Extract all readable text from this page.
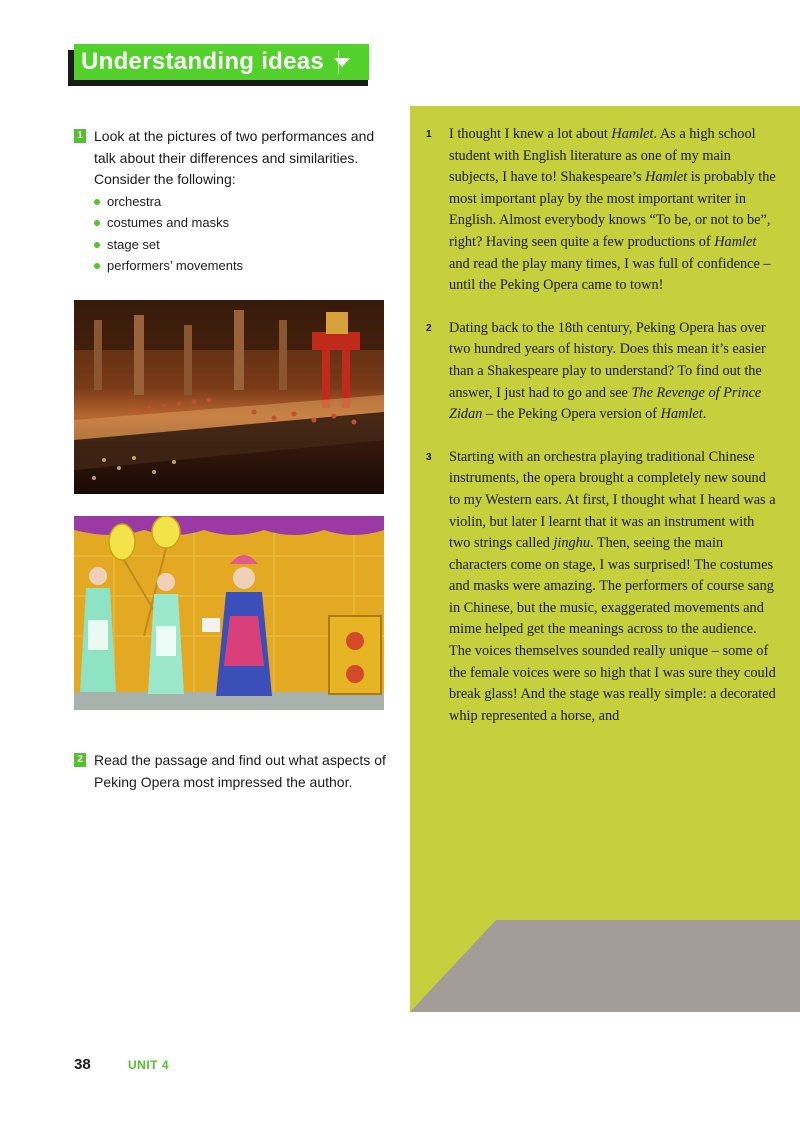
Understanding ideas
1 Look at the pictures of two performances and talk about their differences and similarities. Consider the following:
orchestra
costumes and masks
stage set
performers’ movements
2 Read the passage and find out what aspects of Peking Opera most impressed the author.
1 I thought I knew a lot about Hamlet. As a high school student with English literature as one of my main subjects, I have to! Shakespeare’s Hamlet is probably the most important play by the most important writer in English. Almost everybody knows “To be, or not to be”, right? Having seen quite a few productions of Hamlet and read the play many times, I was full of confidence – until the Peking Opera came to town!
2 Dating back to the 18th century, Peking Opera has over two hundred years of history. Does this mean it’s easier than a Shakespeare play to understand? To find out the answer, I just had to go and see The Revenge of Prince Zidan – the Peking Opera version of Hamlet.
3 Starting with an orchestra playing traditional Chinese instruments, the opera brought a completely new sound to my Western ears. At first, I thought what I heard was a violin, but later I learnt that it was an instrument with two strings called jinghu. Then, seeing the main characters come on stage, I was surprised! The costumes and masks were amazing. The performers of course sang in Chinese, but the music, exaggerated movements and mime helped get the meanings across to the audience. The voices themselves sounded really unique – some of the female voices were so high that I was sure they could break glass! And the stage was really simple: a decorated whip represented a horse, and
38	UNIT 4
